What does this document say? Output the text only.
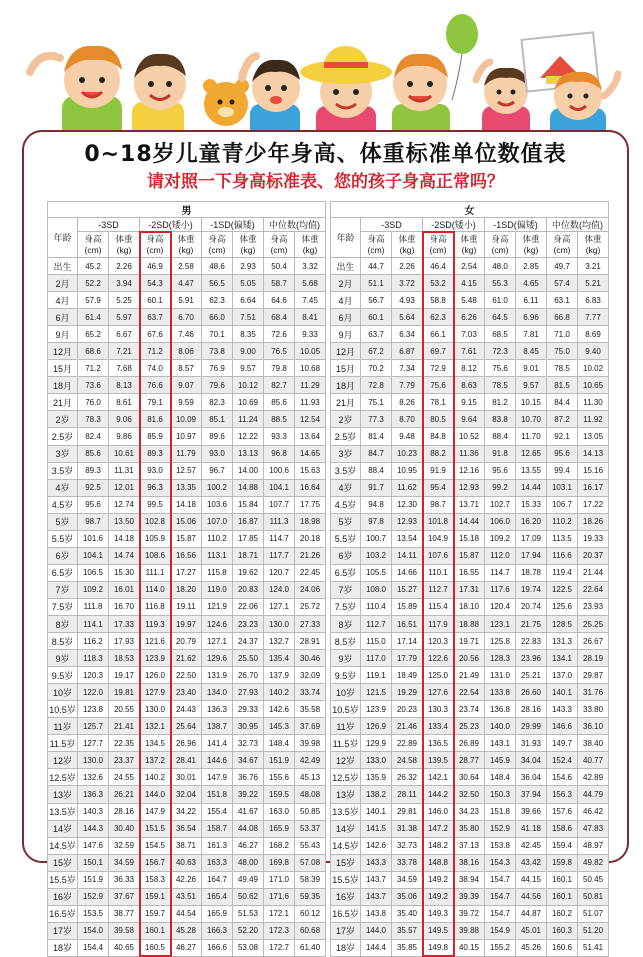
0~18岁儿童青少年身高、体重标准单位数值表
请对照一下身高标准表、您的孩子身高正常吗？
男								
年龄	-3SD		-2SD(矮小)		-1SD(偏矮)		中位数(均值)	
	身高(cm)	体重(kg)	身高(cm)	体重(kg)	身高(cm)	体重(kg)	身高(cm)	体重(kg)
出生	45.2	2.26	46.9	2.58	48.6	2.93	50.4	3.32
2月	52.2	3.94	54.3	4.47	56.5	5.05	58.7	5.68
4月	57.9	5.25	60.1	5.91	62.3	6.64	64.6	7.45
6月	61.4	5.97	63.7	6.70	66.0	7.51	68.4	8.41
9月	65.2	6.67	67.6	7.46	70.1	8.35	72.6	9.33
12月	68.6	7.21	71.2	8.06	73.8	9.00	76.5	10.05
15月	71.2	7.68	74.0	8.57	76.9	9.57	79.8	10.68
18月	73.6	8.13	76.6	9.07	79.6	10.12	82.7	11.29
21月	76.0	8.61	79.1	9.59	82.3	10.69	85.6	11.93
2岁	78.3	9.06	81.6	10.09	85.1	11.24	88.5	12.54
2.5岁	82.4	9.86	85.9	10.97	89.6	12.22	93.3	13.64
3岁	85.6	10.61	89.3	11.79	93.0	13.13	96.8	14.65
3.5岁	89.3	11.31	93.0	12.57	96.7	14.00	100.6	15.63
4岁	92.5	12.01	96.3	13.35	100.2	14.88	104.1	16.64
4.5岁	95.6	12.74	99.5	14.18	103.6	15.84	107.7	17.75
5岁	98.7	13.50	102.8	15.06	107.0	16.87	111.3	18.98
5.5岁	101.6	14.18	105.9	15.87	110.2	17.85	114.7	20.18
6岁	104.1	14.74	108.6	16.56	113.1	18.71	117.7	21.26
6.5岁	106.5	15.30	111.1	17.27	115.8	19.62	120.7	22.45
7岁	109.2	16.01	114.0	18.20	119.0	20.83	124.0	24.06
7.5岁	111.8	16.70	116.8	19.11	121.9	22.06	127.1	25.72
8岁	114.1	17.33	119.3	19.97	124.6	23.23	130.0	27.33
8.5岁	116.2	17.93	121.6	20.79	127.1	24.37	132.7	28.91
9岁	118.3	18.53	123.9	21.62	129.6	25.50	135.4	30.46
9.5岁	120.3	19.17	126.0	22.50	131.9	26.70	137.9	32.09
10岁	122.0	19.81	127.9	23.40	134.0	27.93	140.2	33.74
10.5岁	123.8	20.55	130.0	24.43	136.3	29.33	142.6	35.58
11岁	125.7	21.41	132.1	25.64	138.7	30.95	145.3	37.69
11.5岁	127.7	22.35	134.5	26.96	141.4	32.73	148.4	39.98
12岁	130.0	23.37	137.2	28.41	144.6	34.67	151.9	42.49
12.5岁	132.6	24.55	140.2	30.01	147.9	36.76	155.6	45.13
13岁	136.3	26.21	144.0	32.04	151.8	39.22	159.5	48.08
13.5岁	140.3	28.16	147.9	34.22	155.4	41.67	163.0	50.85
14岁	144.3	30.40	151.5	36.54	158.7	44.08	165.9	53.37
14.5岁	147.6	32.59	154.5	38.71	161.3	46.27	168.2	55.43
15岁	150.1	34.59	156.7	40.63	163.3	48.00	169.8	57.08
15.5岁	151.9	36.33	158.3	42.26	164.7	49.49	171.0	58.39
16岁	152.9	37.67	159.1	43.51	165.4	50.62	171.6	59.35
16.5岁	153.5	38.77	159.7	44.54	165.9	51.53	172.1	60.12
17岁	154.0	39.58	160.1	45.28	166.3	52.20	172.3	60.68
18岁	154.4	40.65	160.5	46.27	166.6	53.08	172.7	61.40
女								
年龄	-3SD		-2SD(矮小)		-1SD(偏矮)		中位数(均值)	
	身高(cm)	体重(kg)	身高(cm)	体重(kg)	身高(cm)	体重(kg)	身高(cm)	体重(kg)
出生	44.7	2.26	46.4	2.54	48.0	2.85	49.7	3.21
2月	51.1	3.72	53.2	4.15	55.3	4.65	57.4	5.21
4月	56.7	4.93	58.8	5.48	61.0	6.11	63.1	6.83
6月	60.1	5.64	62.3	6.26	64.5	6.96	66.8	7.77
9月	63.7	6.34	66.1	7.03	68.5	7.81	71.0	8.69
12月	67.2	6.87	69.7	7.61	72.3	8.45	75.0	9.40
15月	70.2	7.34	72.9	8.12	75.6	9.01	78.5	10.02
18月	72.8	7.79	75.6	8.63	78.5	9.57	81.5	10.65
21月	75.1	8.26	78.1	9.15	81.2	10.15	84.4	11.30
2岁	77.3	8.70	80.5	9.64	83.8	10.70	87.2	11.92
2.5岁	81.4	9.48	84.8	10.52	88.4	11.70	92.1	13.05
3岁	84.7	10.23	88.2	11.36	91.8	12.65	95.6	14.13
3.5岁	88.4	10.95	91.9	12.16	95.6	13.55	99.4	15.16
4岁	91.7	11.62	95.4	12.93	99.2	14.44	103.1	16.17
4.5岁	94.8	12.30	98.7	13.71	102.7	15.33	106.7	17.22
5岁	97.8	12.93	101.8	14.44	106.0	16.20	110.2	18.26
5.5岁	100.7	13.54	104.9	15.18	109.2	17.09	113.5	19.33
6岁	103.2	14.11	107.6	15.87	112.0	17.94	116.6	20.37
6.5岁	105.5	14.66	110.1	16.55	114.7	18.78	119.4	21.44
7岁	108.0	15.27	112.7	17.31	117.6	19.74	122.5	22.64
7.5岁	110.4	15.89	115.4	18.10	120.4	20.74	125.6	23.93
8岁	112.7	16.51	117.9	18.88	123.1	21.75	128.5	25.25
8.5岁	115.0	17.14	120.3	19.71	125.8	22.83	131.3	26.67
9岁	117.0	17.79	122.6	20.56	128.3	23.96	134.1	28.19
9.5岁	119.1	18.49	125.0	21.49	131.0	25.21	137.0	29.87
10岁	121.5	19.29	127.6	22.54	133.8	26.60	140.1	31.76
10.5岁	123.9	20.23	130.3	23.74	136.8	28.16	143.3	33.80
11岁	126.9	21.46	133.4	25.23	140.0	29.99	146.6	36.10
11.5岁	129.9	22.89	136.5	26.89	143.1	31.93	149.7	38.40
12岁	133.0	24.58	139.5	28.77	145.9	34.04	152.4	40.77
12.5岁	135.9	26.32	142.1	30.64	148.4	36.04	154.6	42.89
13岁	138.2	28.11	144.2	32.50	150.3	37.94	156.3	44.79
13.5岁	140.1	29.81	146.0	34.23	151.8	39.66	157.6	46.42
14岁	141.5	31.38	147.2	35.80	152.9	41.18	158.6	47.83
14.5岁	142.6	32.73	148.2	37.13	153.8	42.45	159.4	48.97
15岁	143.3	33.78	148.8	38.16	154.3	43.42	159.8	49.82
15.5岁	143.7	34.59	149.2	38.94	154.7	44.15	160.1	50.45
16岁	143.7	35.06	149.2	39.39	154.7	44.56	160.1	50.81
16.5岁	143.8	35.40	149.3	39.72	154.7	44.87	160.2	51.07
17岁	144.0	35.57	149.5	39.88	154.9	45.01	160.3	51.20
18岁	144.4	35.85	149.8	40.15	155.2	45.26	160.6	51.41
